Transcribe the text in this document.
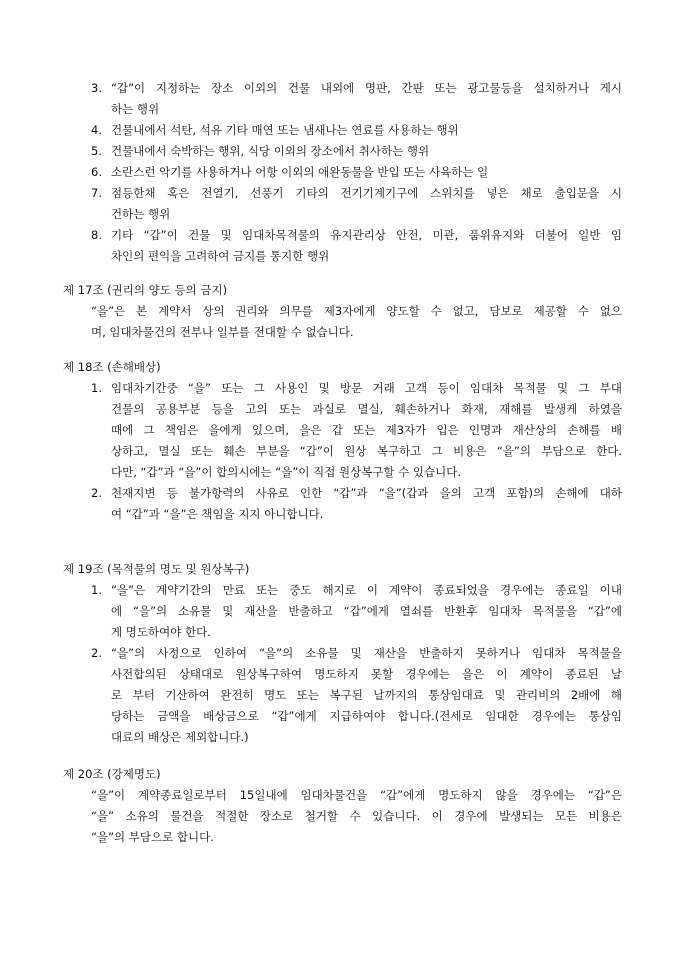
3. “갑”이 지정하는 장소 이외의 건물 내외에 명판, 간판 또는 광고물등을 설치하거나 게시
하는 행위
4. 건물내에서 석탄, 석유 기타 매연 또는 냄새나는 연료를 사용하는 행위
5. 건물내에서 숙박하는 행위, 식당 이외의 장소에서 취사하는 행위
6. 소란스런 악기를 사용하거나 어항 이외의 애완동물을 반입 또는 사육하는 일
7. 점등한채 혹은 전열기, 선풍기 기타의 전기기계기구에 스위치를 넣은 채로 출입문을 시
건하는 행위
8. 기타 “갑”이 건물 및 임대차목적물의 유지관리상 안전, 미관, 품위유지와 더불어 일반 임
차인의 편익을 고려하여 금지를 통지한 행위
제 17조 (권리의 양도 등의 금지)
“을”은 본 계약서 상의 권리와 의무를 제3자에게 양도할 수 없고, 담보로 제공할 수 없으
며, 임대차물건의 전부나 일부를 전대할 수 없습니다.
제 18조 (손해배상)
1. 임대차기간중 “을” 또는 그 사용인 및 방문 거래 고객 등이 임대차 목적물 및 그 부대
건물의 공용부분 등을 고의 또는 과실로 멸실, 훼손하거나 화재, 재해를 발생케 하였을
때에 그 책임은 을에게 있으며, 을은 갑 또는 제3자가 입은 인명과 재산상의 손해를 배
상하고, 멸실 또는 훼손 부분을 “갑”이 원상 복구하고 그 비용은 “을”의 부담으로 한다.
다만, “갑”과 “을”이 합의시에는 “을”이 직접 원상복구할 수 있습니다.
2. 천재지변 등 불가항력의 사유로 인한 “갑”과 “을”(갑과 을의 고객 포함)의 손해에 대하
여 “갑”과 “을”은 책임을 지지 아니합니다.
제 19조 (목적물의 명도 및 원상복구)
1. “을”은 계약기간의 만료 또는 중도 해지로 이 계약이 종료되었을 경우에는 종료일 이내
에 “을”의 소유물 및 재산을 반출하고 “갑”에게 열쇠를 반환후 임대차 목적물을 “갑”에
게 명도하여야 한다.
2. “을”의 사정으로 인하여 “을”의 소유물 및 재산을 반출하지 못하거나 임대차 목적물을
사전합의된 상태대로 원상복구하여 명도하지 못할 경우에는 을은 이 계약이 종료된 날
로 부터 기산하여 완전히 명도 또는 복구된 날까지의 통상임대료 및 관리비의 2배에 해
당하는 금액을 배상금으로 “갑”에게 지급하여야 합니다.(전세로 임대한 경우에는 통상임
대료의 배상은 제외합니다.)
제 20조 (강제명도)
“을”이 계약종료일로부터 15일내에 임대차물건을 “갑”에게 명도하지 않을 경우에는 “갑”은
“을” 소유의 물건을 적절한 장소로 철거할 수 있습니다. 이 경우에 발생되는 모든 비용은
“을”의 부담으로 합니다.
